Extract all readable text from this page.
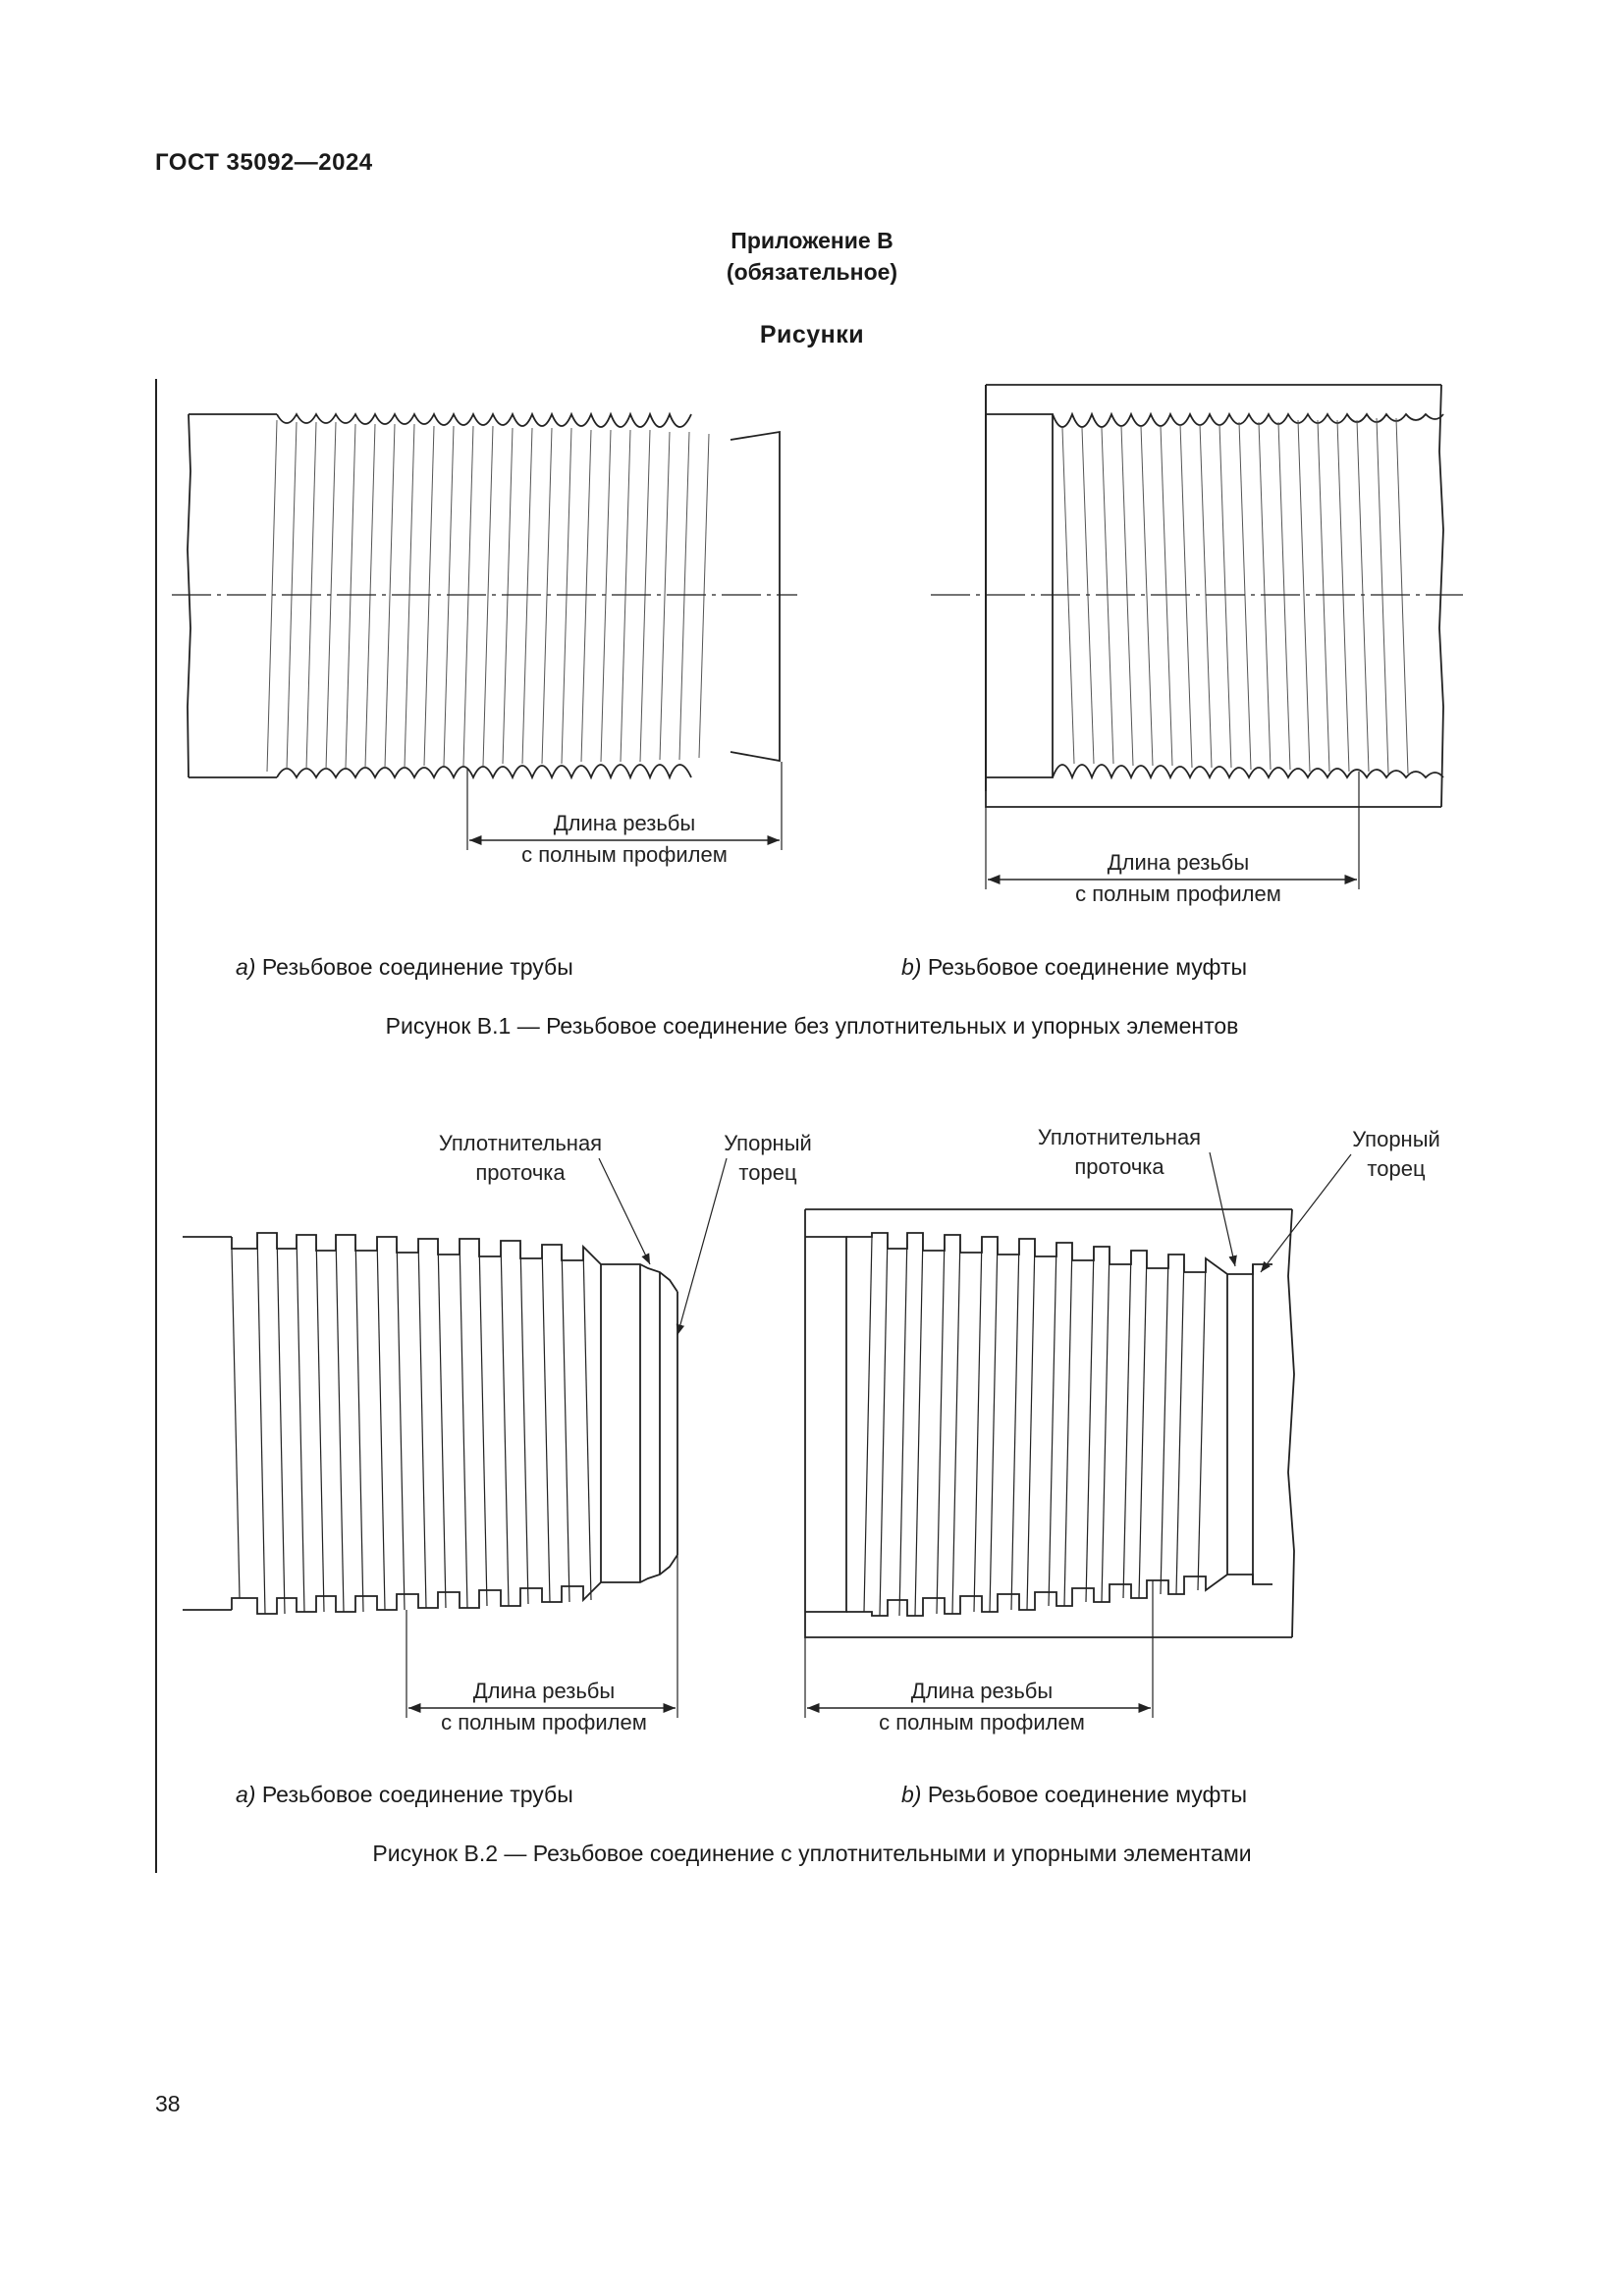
ГОСТ 35092—2024
Приложение В
(обязательное)
Рисунки
Длина резьбы
с полным профилем	Длина резьбы
с полным профилем
a) Резьбовое соединение трубы	b) Резьбовое соединение муфты
Рисунок В.1 — Резьбовое соединение без уплотнительных и упорных элементов
Уплотнительная
проточка
Упорный
торец
Длина резьбы
с полным профилем
Уплотнительная
проточка
Упорный
торец
Длина резьбы
с полным профилем
a) Резьбовое соединение трубы	b) Резьбовое соединение муфты
Рисунок В.2 — Резьбовое соединение с уплотнительными и упорными элементами
38
